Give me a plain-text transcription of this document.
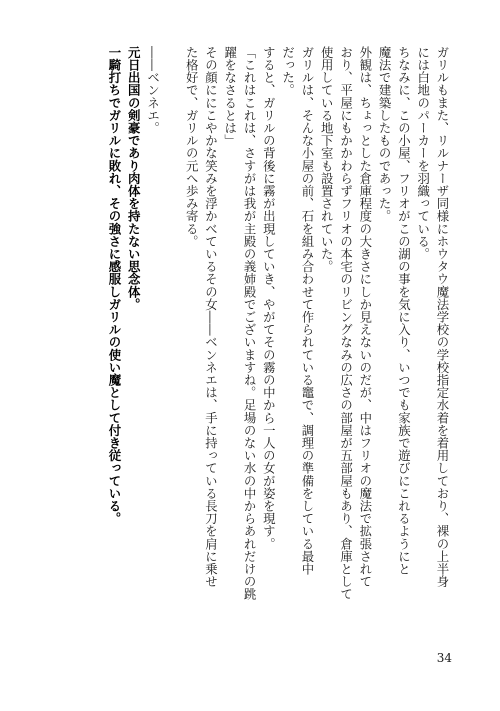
ガリルもまた、リルナーザ同様にホウタウ魔法学校の学校指定水着を着用しており、裸の上半身
には白地のパーカーを羽織っている。
ちなみに、この小屋、フリオがこの湖の事を気に入り、いつでも家族で遊びにこれるようにと
魔法で建築したものであった。
外観は、ちょっとした倉庫程度の大きさにしか見えないのだが、中はフリオの魔法で拡張されて
おり、平屋にもかかわらずフリオの本宅のリビングなみの広さの部屋が五部屋もあり、倉庫として
使用している地下室も設置されていた。
ガリルは、そんな小屋の前、石を組み合わせて作られている竈で、調理の準備をしている最中
だった。
すると、ガリルの背後に霧が出現していき、やがてその霧の中から一人の女が姿を現す。
「これはこれは、さすがは我が主殿の義姉殿でございますね。足場のない水の中からあれだけの跳
躍をなさるとは」
その顔ににこやかな笑みを浮かべているその女――ベンネエは、手に持っている長刀を肩に乗せ
た格好で、ガリルの元へ歩み寄る。
――ベンネエ。
元日出国の剣豪であり肉体を持たない思念体。
一騎打ちでガリルに敗れ、その強さに感服しガリルの使い魔として付き従っている。
34
